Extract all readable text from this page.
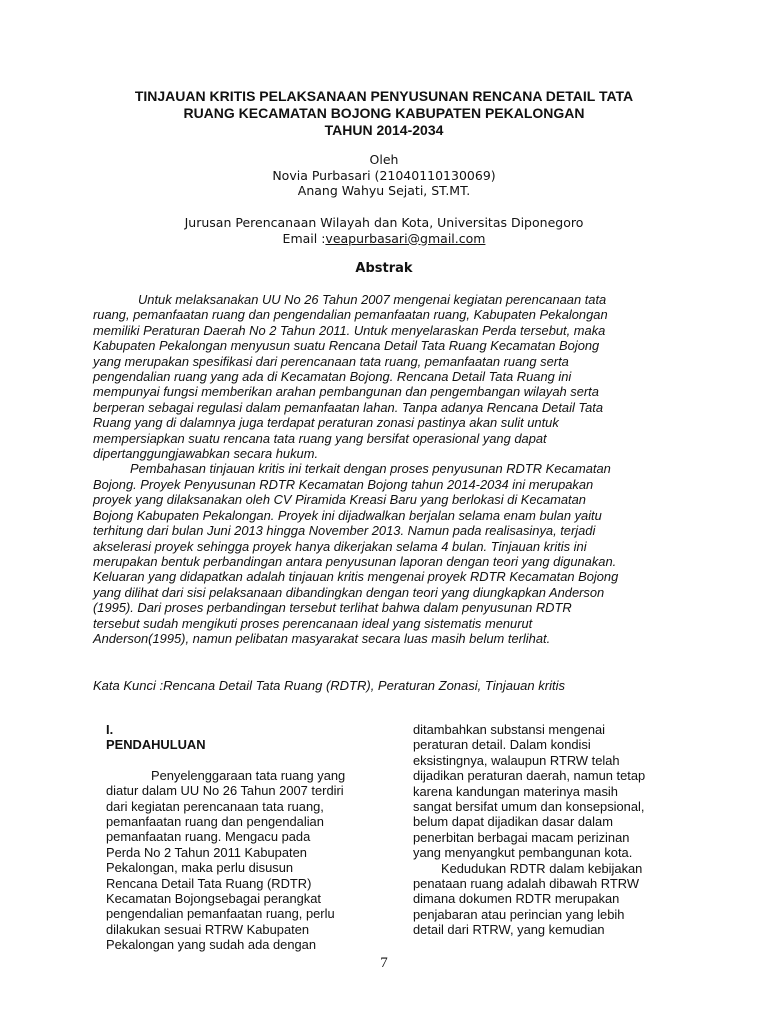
TINJAUAN KRITIS PELAKSANAAN PENYUSUNAN RENCANA DETAIL TATA
RUANG KECAMATAN BOJONG KABUPATEN PEKALONGAN
TAHUN 2014-2034
Oleh
Novia Purbasari (21040110130069)
Anang Wahyu Sejati, ST.MT.
Jurusan Perencanaan Wilayah dan Kota, Universitas Diponegoro
Email :veapurbasari@gmail.com
Abstrak
Untuk melaksanakan UU No 26 Tahun 2007 mengenai kegiatan perencanaan tata
ruang, pemanfaatan ruang dan pengendalian pemanfaatan ruang, Kabupaten Pekalongan
memiliki Peraturan Daerah No 2 Tahun 2011. Untuk menyelaraskan Perda tersebut, maka
Kabupaten Pekalongan menyusun suatu Rencana Detail Tata Ruang Kecamatan Bojong
yang merupakan spesifikasi dari perencanaan tata ruang, pemanfaatan ruang serta
pengendalian ruang yang ada di Kecamatan Bojong. Rencana Detail Tata Ruang ini
mempunyai fungsi memberikan arahan pembangunan dan pengembangan wilayah serta
berperan sebagai regulasi dalam pemanfaatan lahan. Tanpa adanya Rencana Detail Tata
Ruang yang di dalamnya juga terdapat peraturan zonasi pastinya akan sulit untuk
mempersiapkan suatu rencana tata ruang yang bersifat operasional yang dapat
dipertanggungjawabkan secara hukum.
Pembahasan tinjauan kritis ini terkait dengan proses penyusunan RDTR Kecamatan
Bojong. Proyek Penyusunan RDTR Kecamatan Bojong tahun 2014-2034 ini merupakan
proyek yang dilaksanakan oleh CV Piramida Kreasi Baru yang berlokasi di Kecamatan
Bojong Kabupaten Pekalongan. Proyek ini dijadwalkan berjalan selama enam bulan yaitu
terhitung dari bulan Juni 2013 hingga November 2013. Namun pada realisasinya, terjadi
akselerasi proyek sehingga proyek hanya dikerjakan selama 4 bulan. Tinjauan kritis ini
merupakan bentuk perbandingan antara penyusunan laporan dengan teori yang digunakan.
Keluaran yang didapatkan adalah tinjauan kritis mengenai proyek RDTR Kecamatan Bojong
yang dilihat dari sisi pelaksanaan dibandingkan dengan teori yang diungkapkan Anderson
(1995). Dari proses perbandingan tersebut terlihat bahwa dalam penyusunan RDTR
tersebut sudah mengikuti proses perencanaan ideal yang sistematis menurut
Anderson(1995), namun pelibatan masyarakat secara luas masih belum terlihat.
Kata Kunci :Rencana Detail Tata Ruang (RDTR), Peraturan Zonasi, Tinjauan kritis
I.
PENDAHULUAN
Penyelenggaraan tata ruang yang
diatur dalam UU No 26 Tahun 2007 terdiri
dari kegiatan perencanaan tata ruang,
pemanfaatan ruang dan pengendalian
pemanfaatan ruang. Mengacu pada
Perda No 2 Tahun 2011 Kabupaten
Pekalongan, maka perlu disusun
Rencana Detail Tata Ruang (RDTR)
Kecamatan Bojongsebagai perangkat
pengendalian pemanfaatan ruang, perlu
dilakukan sesuai RTRW Kabupaten
Pekalongan yang sudah ada dengan
ditambahkan substansi mengenai
peraturan detail. Dalam kondisi
eksistingnya, walaupun RTRW telah
dijadikan peraturan daerah, namun tetap
karena kandungan materinya masih
sangat bersifat umum dan konsepsional,
belum dapat dijadikan dasar dalam
penerbitan berbagai macam perizinan
yang menyangkut pembangunan kota.
Kedudukan RDTR dalam kebijakan
penataan ruang adalah dibawah RTRW
dimana dokumen RDTR merupakan
penjabaran atau perincian yang lebih
detail dari RTRW, yang kemudian
7
